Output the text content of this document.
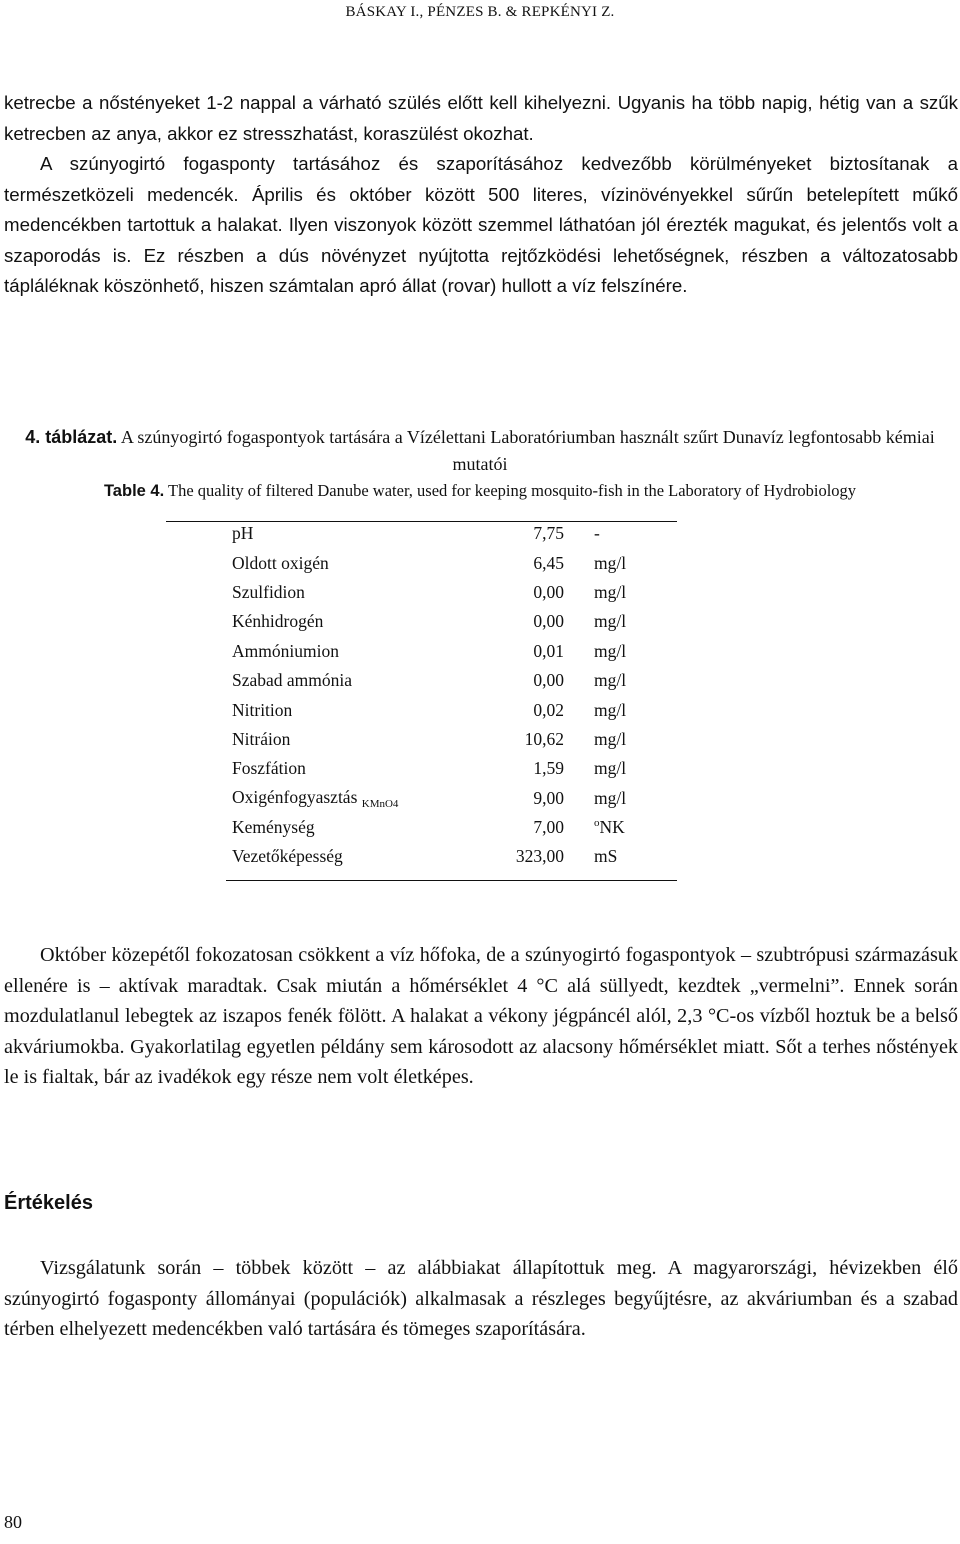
BÁSKAY I., PÉNZES B. & REPKÉNYI Z.

ketrecbe a nőstényeket 1-2 nappal a várható szülés előtt kell kihelyezni. Ugyanis ha több napig, hétig van a szűk ketrecben az anya, akkor ez stresszhatást, koraszülést okozhat.

A szúnyogirtó fogasponty tartásához és szaporításához kedvezőbb körülményeket biztosítanak a természetközeli medencék. Április és október között 500 literes, vízinövényekkel sűrűn betelepített műkő medencékben tartottuk a halakat. Ilyen viszonyok között szemmel láthatóan jól érezték magukat, és jelentős volt a szaporodás is. Ez részben a dús növényzet nyújtotta rejtőzködési lehetőségnek, részben a változatosabb tápláléknak köszönhető, hiszen számtalan apró állat (rovar) hullott a víz felszínére.

4. táblázat. A szúnyogirtó fogaspontyok tartására a Vízélettani Laboratóriumban használt szűrt Dunavíz legfontosabb kémiai mutatói
Table 4. The quality of filtered Danube water, used for keeping mosquito-fish in the Laboratory of Hydrobiology
pH	7,75	-
Oldott oxigén	6,45	mg/l
Szulfidion	0,00	mg/l
Kénhidrogén	0,00	mg/l
Ammóniumion	0,01	mg/l
Szabad ammónia	0,00	mg/l
Nitrition	0,02	mg/l
Nitráion	10,62	mg/l
Foszfátion	1,59	mg/l
Oxigénfogyasztás $_{KMnO4}$	9,00	mg/l
Keménység	7,00	$^o$NK
Vezetőképesség	323,00	mS

Október közepétől fokozatosan csökkent a víz hőfoka, de a szúnyogirtó fogaspontyok – szubtrópusi származásuk ellenére is – aktívak maradtak. Csak miután a hőmérséklet 4 °C alá süllyedt, kezdtek „vermelni”. Ennek során mozdulatlanul lebegtek az iszapos fenék fölött. A halakat a vékony jégpáncél alól, 2,3 °C-os vízből hoztuk be a belső akváriumokba. Gyakorlatilag egyetlen példány sem károsodott az alacsony hőmérséklet miatt. Sőt a terhes nőstények le is fialtak, bár az ivadékok egy része nem volt életképes.

Értékelés

Vizsgálatunk során – többek között – az alábbiakat állapítottuk meg. A magyarországi, hévizekben élő szúnyogirtó fogasponty állományai (populációk) alkalmasak a részleges begyűjtésre, az akváriumban és a szabad térben elhelyezett medencékben való tartására és tömeges szaporítására.

80
